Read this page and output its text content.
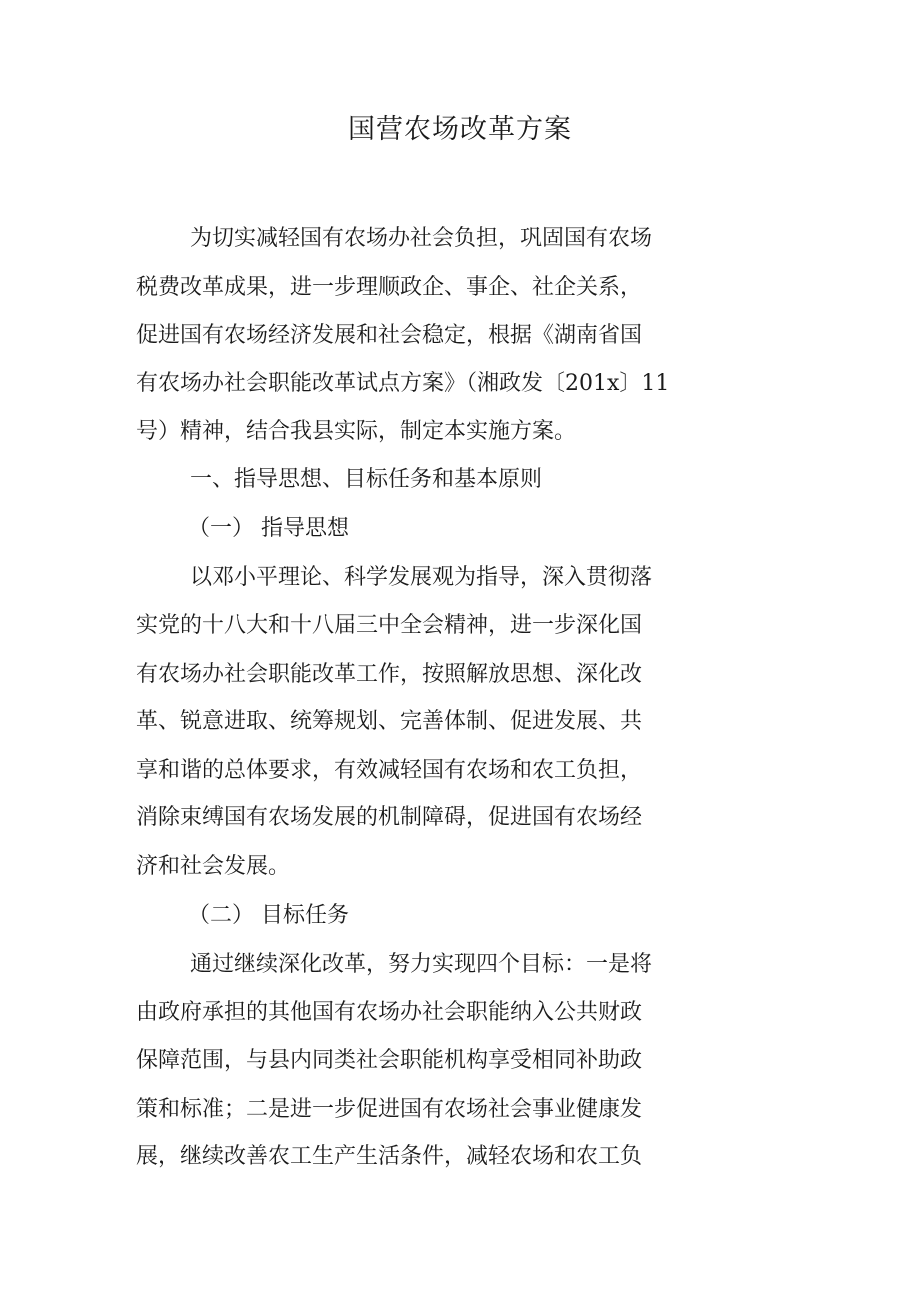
国营农场改革方案

为切实减轻国有农场办社会负担，巩固国有农场

税费改革成果，进一步理顺政企、事企、社企关系，

促进国有农场经济发展和社会稳定，根据《湖南省国

有农场办社会职能改革试点方案》（湘政发〔201x〕11

号）精神，结合我县实际，制定本实施方案。

一、指导思想、目标任务和基本原则

（一） 指导思想

以邓小平理论、科学发展观为指导，深入贯彻落

实党的十八大和十八届三中全会精神，进一步深化国

有农场办社会职能改革工作，按照解放思想、深化改

革、锐意进取、统筹规划、完善体制、促进发展、共

享和谐的总体要求，有效减轻国有农场和农工负担，

消除束缚国有农场发展的机制障碍，促进国有农场经

济和社会发展。

（二） 目标任务

通过继续深化改革，努力实现四个目标：一是将

由政府承担的其他国有农场办社会职能纳入公共财政

保障范围，与县内同类社会职能机构享受相同补助政

策和标准；二是进一步促进国有农场社会事业健康发

展，继续改善农工生产生活条件，减轻农场和农工负
